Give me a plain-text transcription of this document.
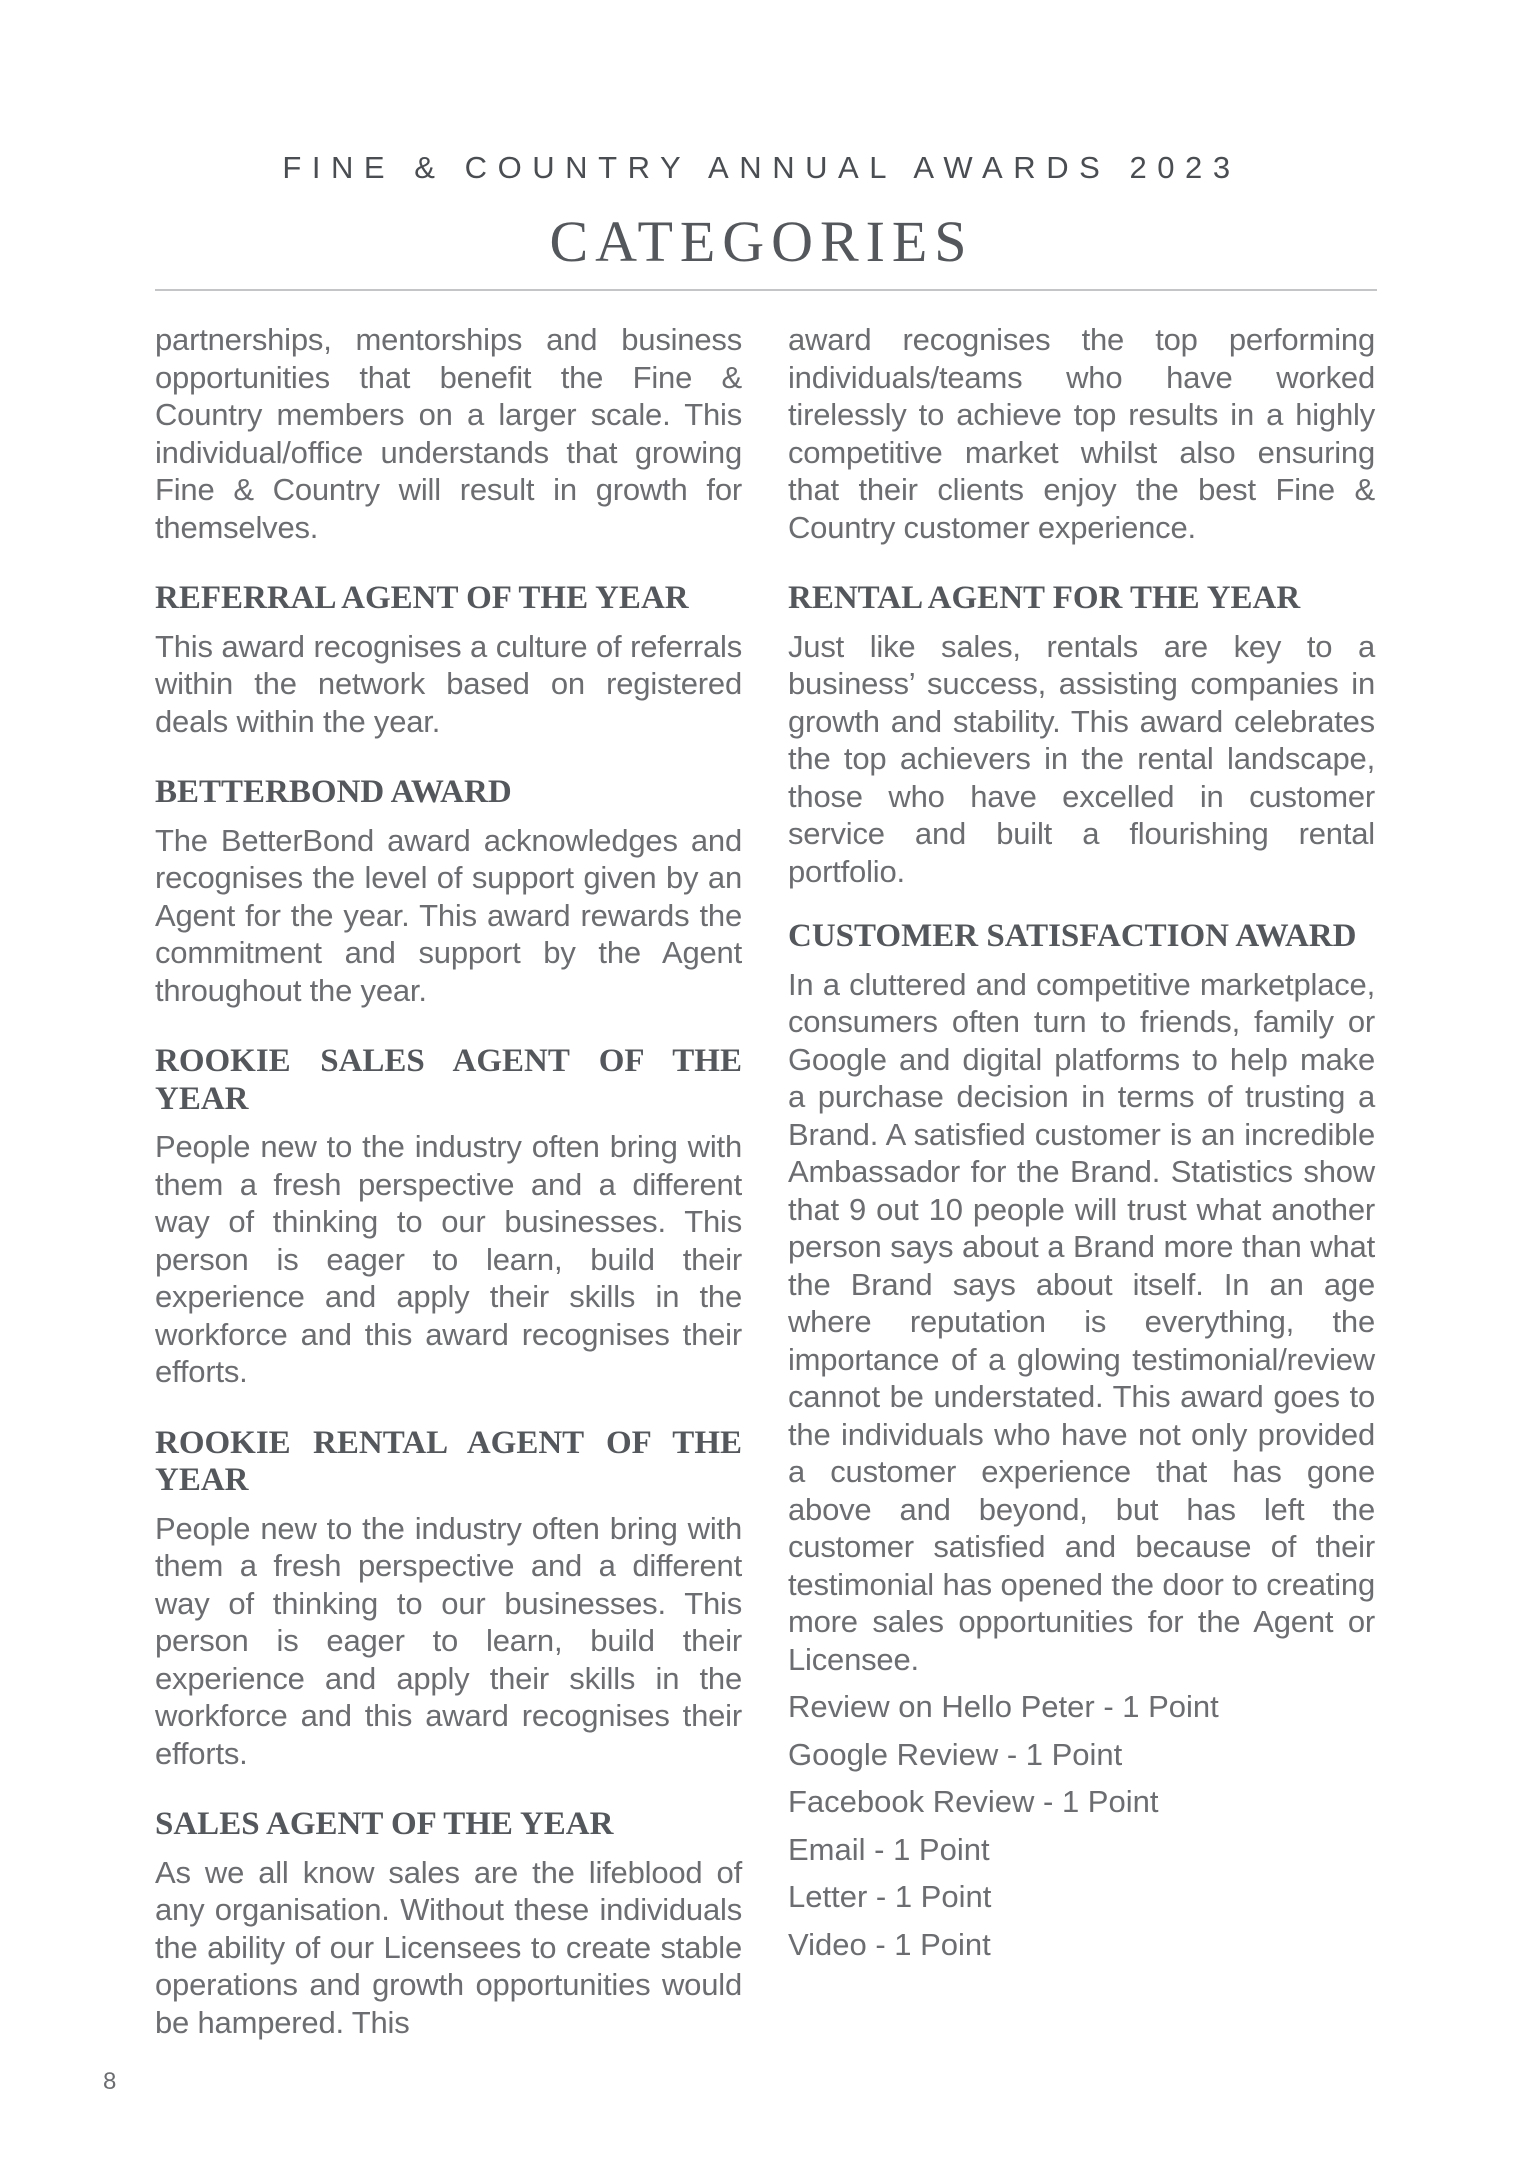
FINE & COUNTRY ANNUAL AWARDS 2023
CATEGORIES

partnerships, mentorships and business opportunities that benefit the Fine & Country members on a larger scale. This individual/office understands that growing Fine & Country will result in growth for themselves.

REFERRAL AGENT OF THE YEAR

This award recognises a culture of referrals within the network based on registered deals within the year.

BETTERBOND AWARD

The BetterBond award acknowledges and recognises the level of support given by an Agent for the year. This award rewards the commitment and support by the Agent throughout the year.

ROOKIE SALES AGENT OF THE YEAR

People new to the industry often bring with them a fresh perspective and a different way of thinking to our businesses. This person is eager to learn, build their experience and apply their skills in the workforce and this award recognises their efforts.

ROOKIE RENTAL AGENT OF THE YEAR

People new to the industry often bring with them a fresh perspective and a different way of thinking to our businesses. This person is eager to learn, build their experience and apply their skills in the workforce and this award recognises their efforts.

SALES AGENT OF THE YEAR

As we all know sales are the lifeblood of any organisation. Without these individuals the ability of our Licensees to create stable operations and growth opportunities would be hampered. This

award recognises the top performing individuals/teams who have worked tirelessly to achieve top results in a highly competitive market whilst also ensuring that their clients enjoy the best Fine & Country customer experience.

RENTAL AGENT FOR THE YEAR

Just like sales, rentals are key to a business’ success, assisting companies in growth and stability. This award celebrates the top achievers in the rental landscape, those who have excelled in customer service and built a flourishing rental portfolio.

CUSTOMER SATISFACTION AWARD

In a cluttered and competitive marketplace, consumers often turn to friends, family or Google and digital platforms to help make a purchase decision in terms of trusting a Brand. A satisfied customer is an incredible Ambassador for the Brand. Statistics show that 9 out 10 people will trust what another person says about a Brand more than what the Brand says about itself. In an age where reputation is everything, the importance of a glowing testimonial/review cannot be understated. This award goes to the individuals who have not only provided a customer experience that has gone above and beyond, but has left the customer satisfied and because of their testimonial has opened the door to creating more sales opportunities for the Agent or Licensee.

Review on Hello Peter - 1 Point
Google Review - 1 Point
Facebook Review - 1 Point
Email - 1 Point
Letter - 1 Point
Video - 1 Point
8
